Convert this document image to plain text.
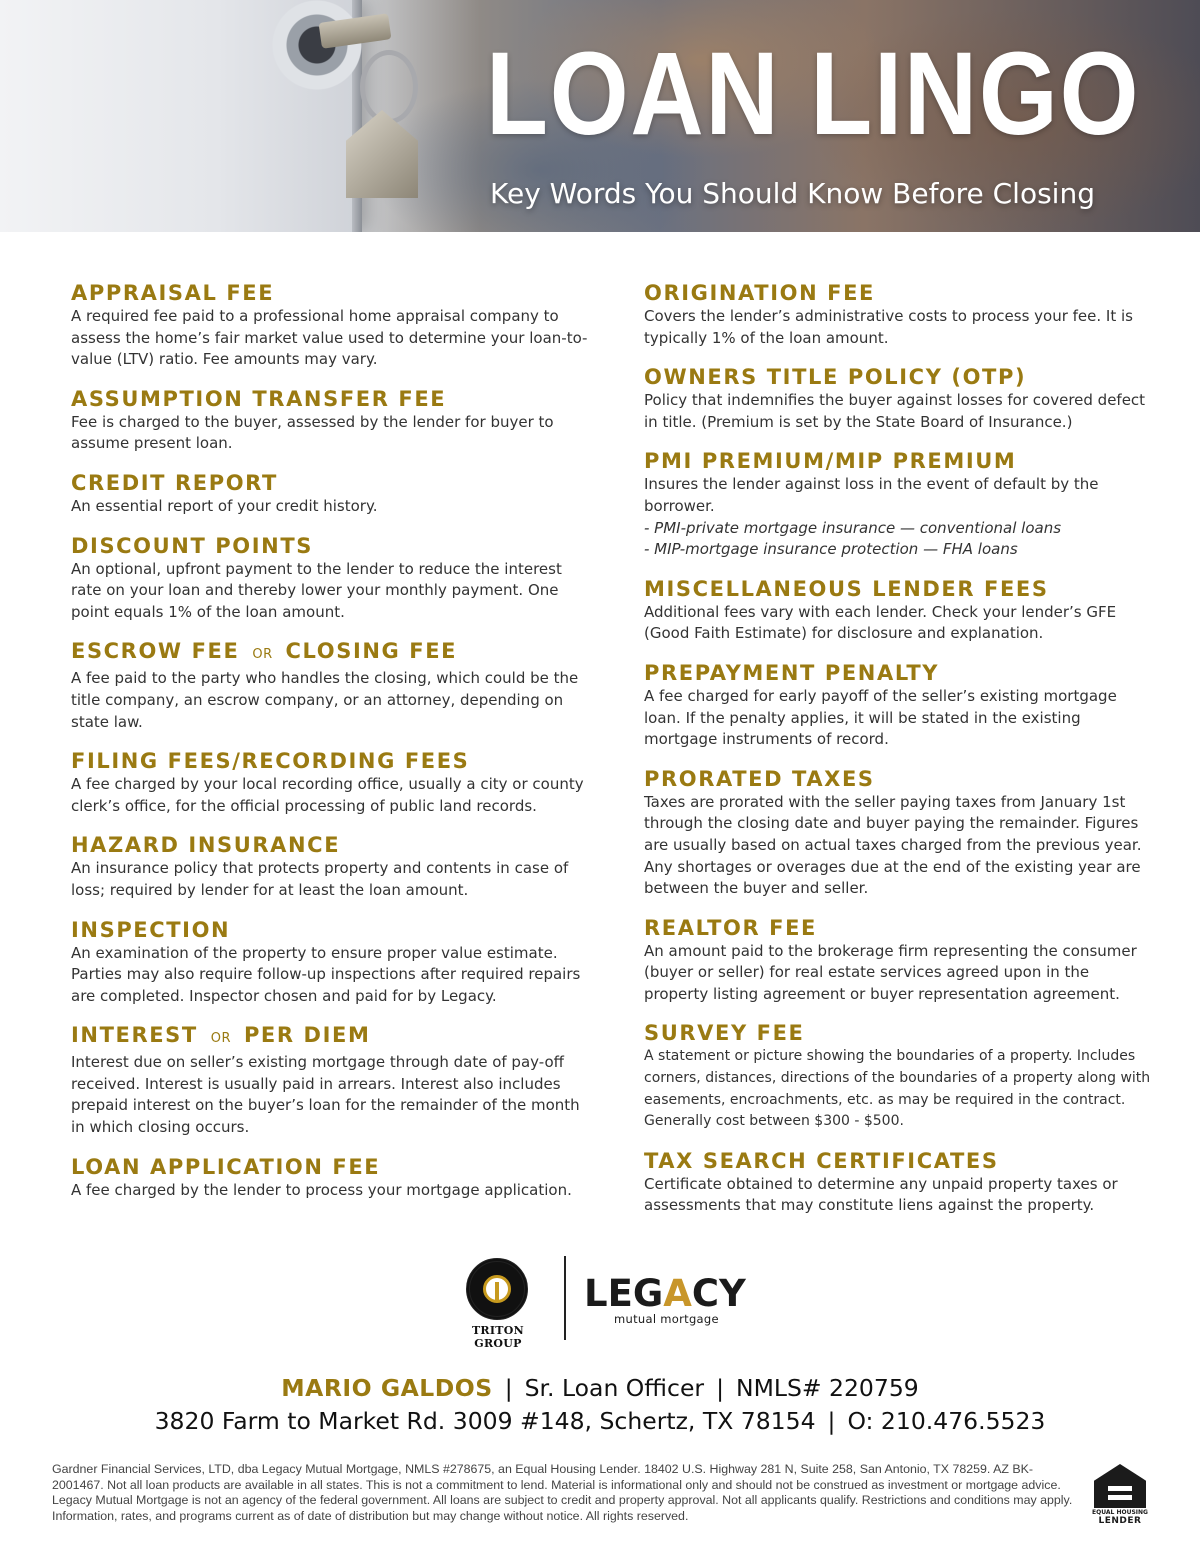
LOAN LINGO
Key Words You Should Know Before Closing
APPRAISAL FEE
A required fee paid to a professional home appraisal company to assess the home’s fair market value used to determine your loan-to-value (LTV) ratio. Fee amounts may vary.
ASSUMPTION TRANSFER FEE
Fee is charged to the buyer, assessed by the lender for buyer to assume present loan.
CREDIT REPORT
An essential report of your credit history.
DISCOUNT POINTS
An optional, upfront payment to the lender to reduce the interest rate on your loan and thereby lower your monthly payment. One point equals 1% of the loan amount.
ESCROW FEE OR CLOSING FEE
A fee paid to the party who handles the closing, which could be the title company, an escrow company, or an attorney, depending on state law.
FILING FEES/RECORDING FEES
A fee charged by your local recording office, usually a city or county clerk’s office, for the official processing of public land records.
HAZARD INSURANCE
An insurance policy that protects property and contents in case of loss; required by lender for at least the loan amount.
INSPECTION
An examination of the property to ensure proper value estimate. Parties may also require follow-up inspections after required repairs are completed. Inspector chosen and paid for by Legacy.
INTEREST OR PER DIEM
Interest due on seller’s existing mortgage through date of pay-off received. Interest is usually paid in arrears. Interest also includes prepaid interest on the buyer’s loan for the remainder of the month in which closing occurs.
LOAN APPLICATION FEE
A fee charged by the lender to process your mortgage application.
ORIGINATION FEE
Covers the lender’s administrative costs to process your fee. It is typically 1% of the loan amount.
OWNERS TITLE POLICY (OTP)
Policy that indemnifies the buyer against losses for covered defect in title. (Premium is set by the State Board of Insurance.)
PMI PREMIUM/MIP PREMIUM
Insures the lender against loss in the event of default by the borrower.
- PMI-private mortgage insurance — conventional loans
- MIP-mortgage insurance protection — FHA loans
MISCELLANEOUS LENDER FEES
Additional fees vary with each lender. Check your lender’s GFE (Good Faith Estimate) for disclosure and explanation.
PREPAYMENT PENALTY
A fee charged for early payoff of the seller’s existing mortgage loan. If the penalty applies, it will be stated in the existing mortgage instruments of record.
PRORATED TAXES
Taxes are prorated with the seller paying taxes from January 1st through the closing date and buyer paying the remainder. Figures are usually based on actual taxes charged from the previous year. Any shortages or overages due at the end of the existing year are between the buyer and seller.
REALTOR FEE
An amount paid to the brokerage firm representing the consumer (buyer or seller) for real estate services agreed upon in the property listing agreement or buyer representation agreement.
SURVEY FEE
A statement or picture showing the boundaries of a property. Includes corners, distances, directions of the boundaries of a property along with easements, encroachments, etc. as may be required in the contract. Generally cost between $300 - $500.
TAX SEARCH CERTIFICATES
Certificate obtained to determine any unpaid property taxes or assessments that may constitute liens against the property.
TRITON GROUP
LEGACY
mutual mortgage
MARIO GALDOS | Sr. Loan Officer | NMLS# 220759
3820 Farm to Market Rd. 3009 #148, Schertz, TX 78154 | O: 210.476.5523
Gardner Financial Services, LTD, dba Legacy Mutual Mortgage, NMLS #278675, an Equal Housing Lender. 18402 U.S. Highway 281 N, Suite 258, San Antonio, TX 78259. AZ BK-2001467. Not all loan products are available in all states. This is not a commitment to lend. Material is informational only and should not be construed as investment or mortgage advice. Legacy Mutual Mortgage is not an agency of the federal government. All loans are subject to credit and property approval. Not all applicants qualify. Restrictions and conditions may apply. Information, rates, and programs current as of date of distribution but may change without notice. All rights reserved.	EQUAL HOUSING
LENDER
